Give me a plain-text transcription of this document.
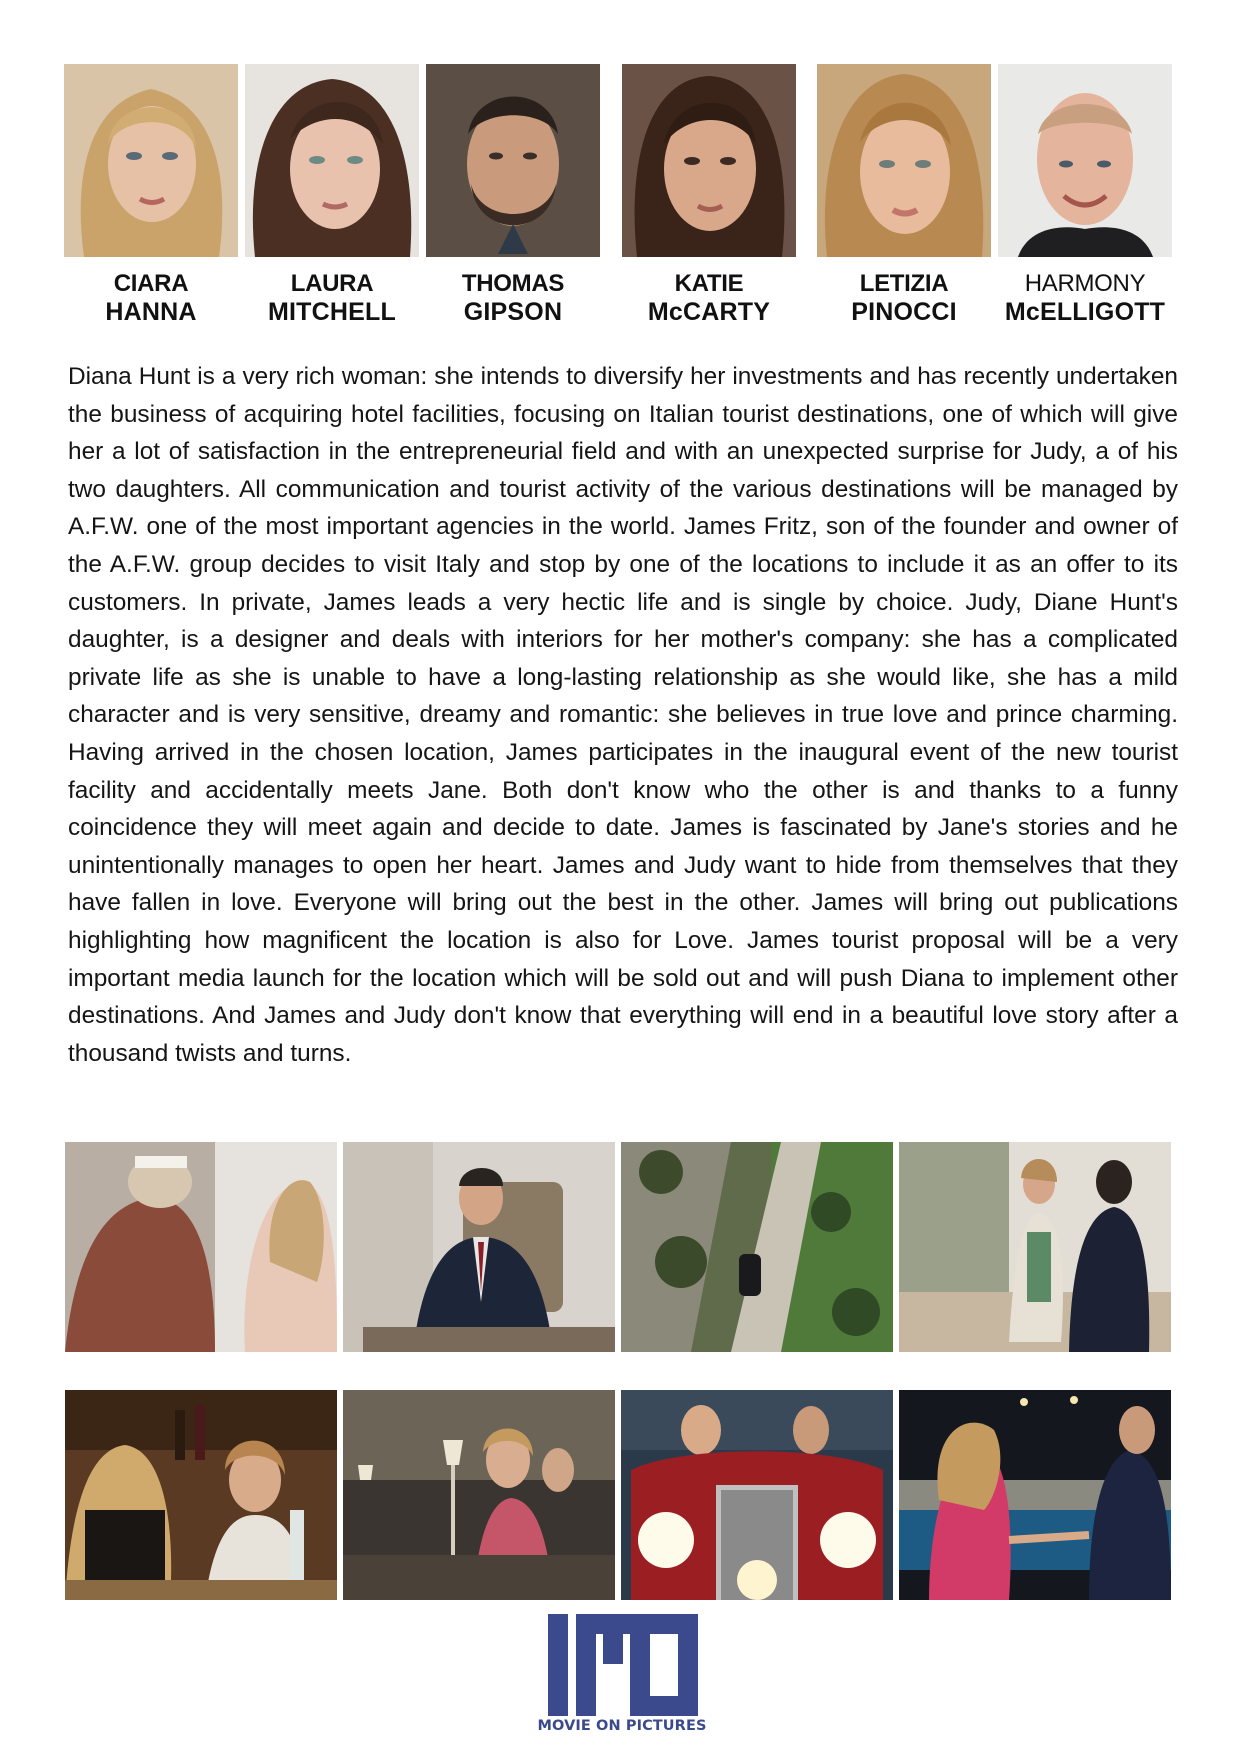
CIARA
HANNA
LAURA
MITCHELL
THOMAS
GIPSON
KATIE
McCARTY
LETIZIA
PINOCCI
HARMONY
McELLIGOTT

Diana Hunt is a very rich woman: she intends to diversify her investments and has recently undertaken the business of acquiring hotel facilities, focusing on Italian tourist destinations, one of which will give her a lot of satisfaction in the entrepreneurial field and with an unexpected surprise for Judy, a of his two daughters. All communication and tourist activity of the various destinations will be managed by A.F.W. one of the most important agencies in the world. James Fritz, son of the founder and owner of the A.F.W. group decides to visit Italy and stop by one of the locations to include it as an offer to its customers. In private, James leads a very hectic life and is single by choice. Judy, Diane Hunt's daughter, is a designer and deals with interiors for her mother's company: she has a complicated private life as she is unable to have a long-lasting relationship as she would like, she has a mild character and is very sensitive, dreamy and romantic: she believes in true love and prince charming. Having arrived in the chosen location, James participates in the inaugural event of the new tourist facility and accidentally meets Jane. Both don't know who the other is and thanks to a funny coincidence they will meet again and decide to date. James is fascinated by Jane's stories and he unintentionally manages to open her heart. James and Judy want to hide from themselves that they have fallen in love. Everyone will bring out the best in the other. James will bring out publications highlighting how magnificent the location is also for Love. James tourist proposal will be a very important media launch for the location which will be sold out and will push Diana to implement other destinations. And James and Judy don't know that everything will end in a beautiful love story after a thousand twists and turns.

MOVIE ON PICTURES
